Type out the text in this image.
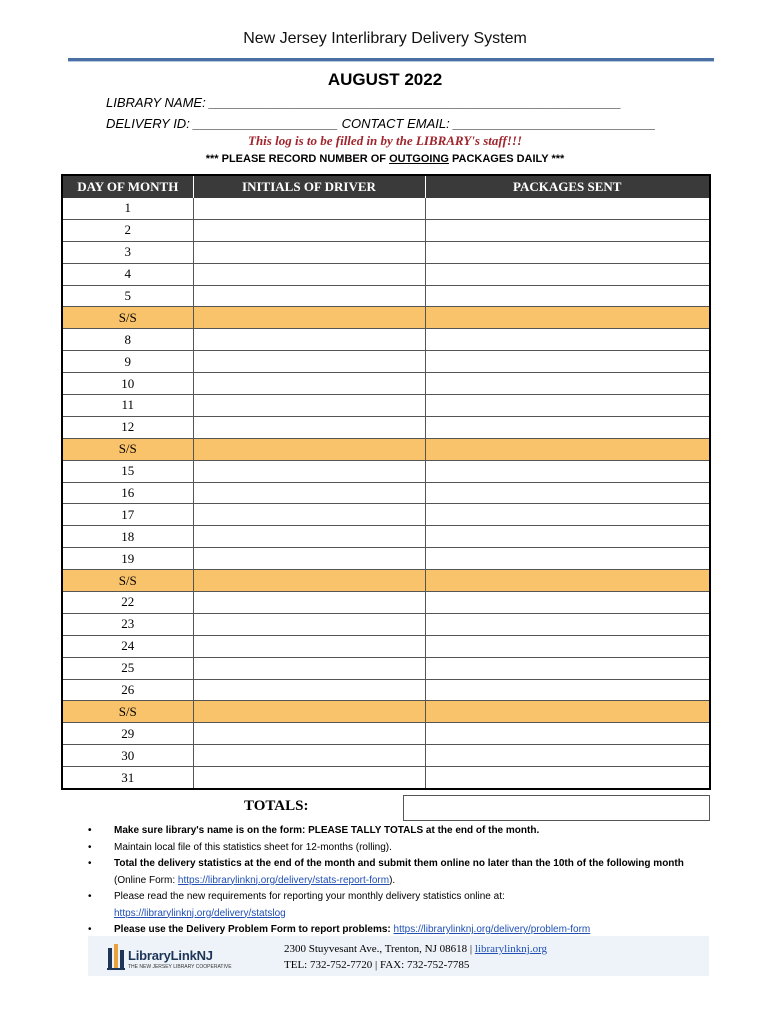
New Jersey Interlibrary Delivery System
AUGUST 2022
LIBRARY NAME: _________________________________________________________
DELIVERY ID: ____________________ CONTACT EMAIL: ____________________________
This log is to be filled in by the LIBRARY's staff!!!
*** PLEASE RECORD NUMBER OF OUTGOING PACKAGES DAILY ***
DAY OF MONTH	INITIALS OF DRIVER	PACKAGES SENT
1		
2		
3		
4		
5		
S/S		
8		
9		
10		
11		
12		
S/S		
15		
16		
17		
18		
19		
S/S		
22		
23		
24		
25		
26		
S/S		
29		
30		
31		
TOTALS:
• Make sure library's name is on the form: PLEASE TALLY TOTALS at the end of the month.
• Maintain local file of this statistics sheet for 12-months (rolling).
• Total the delivery statistics at the end of the month and submit them online no later than the 10th of the following month (Online Form: https://librarylinknj.org/delivery/stats-report-form).
• Please read the new requirements for reporting your monthly delivery statistics online at:
https://librarylinknj.org/delivery/statslog
• Please use the Delivery Problem Form to report problems: https://librarylinknj.org/delivery/problem-form
LibraryLinkNJ
THE NEW JERSEY LIBRARY COOPERATIVE
2300 Stuyvesant Ave., Trenton, NJ 08618 | librarylinknj.org
TEL: 732-752-7720 | FAX: 732-752-7785
